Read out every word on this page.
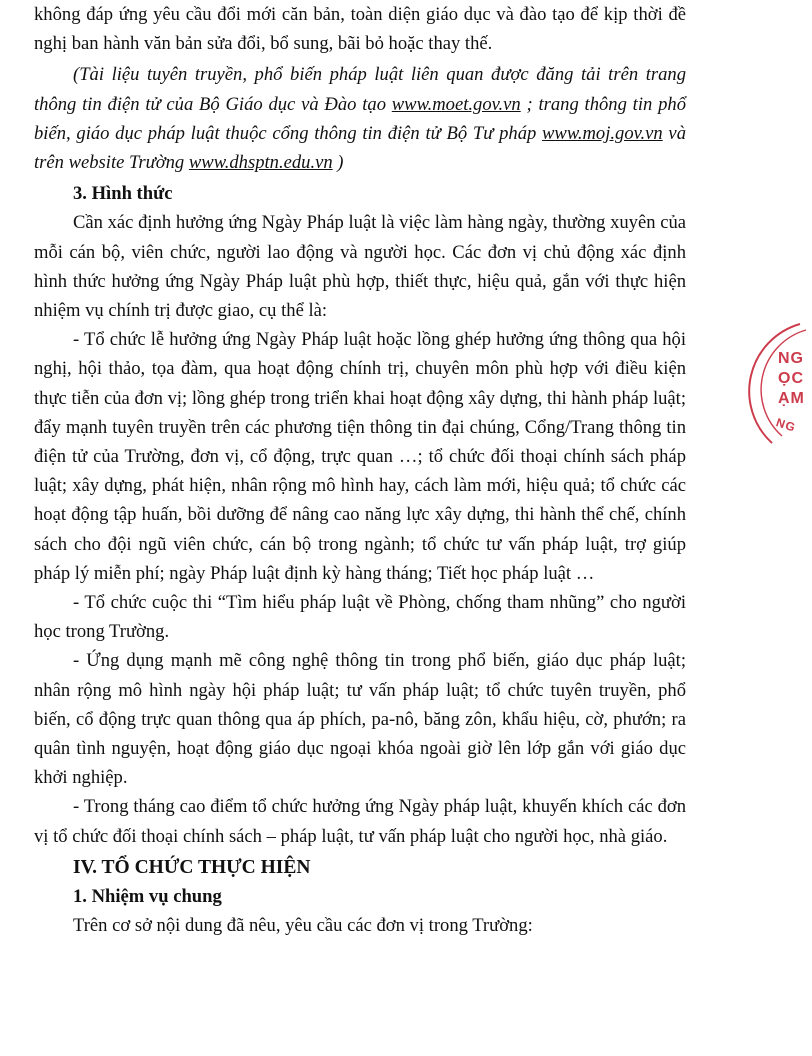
không đáp ứng yêu cầu đổi mới căn bản, toàn diện giáo dục và đào tạo để kịp thời đề nghị ban hành văn bản sửa đổi, bổ sung, bãi bỏ hoặc thay thế.

(Tài liệu tuyên truyền, phổ biến pháp luật liên quan được đăng tải trên trang thông tin điện tử của Bộ Giáo dục và Đào tạo www.moet.gov.vn ; trang thông tin phổ biến, giáo dục pháp luật thuộc cổng thông tin điện tử Bộ Tư pháp www.moj.gov.vn và trên website Trường www.dhsptn.edu.vn )

3. Hình thức

Cần xác định hưởng ứng Ngày Pháp luật là việc làm hàng ngày, thường xuyên của mỗi cán bộ, viên chức, người lao động và người học. Các đơn vị chủ động xác định hình thức hưởng ứng Ngày Pháp luật phù hợp, thiết thực, hiệu quả, gắn với thực hiện nhiệm vụ chính trị được giao, cụ thể là:

- Tổ chức lễ hưởng ứng Ngày Pháp luật hoặc lồng ghép hưởng ứng thông qua hội nghị, hội thảo, tọa đàm, qua hoạt động chính trị, chuyên môn phù hợp với điều kiện thực tiễn của đơn vị; lồng ghép trong triển khai hoạt động xây dựng, thi hành pháp luật; đẩy mạnh tuyên truyền trên các phương tiện thông tin đại chúng, Cổng/Trang thông tin điện tử của Trường, đơn vị, cổ động, trực quan …; tổ chức đối thoại chính sách pháp luật; xây dựng, phát hiện, nhân rộng mô hình hay, cách làm mới, hiệu quả; tổ chức các hoạt động tập huấn, bồi dưỡng để nâng cao năng lực xây dựng, thi hành thể chế, chính sách cho đội ngũ viên chức, cán bộ trong ngành; tổ chức tư vấn pháp luật, trợ giúp pháp lý miễn phí; ngày Pháp luật định kỳ hàng tháng; Tiết học pháp luật …

- Tổ chức cuộc thi “Tìm hiểu pháp luật về Phòng, chống tham nhũng” cho người học trong Trường.

- Ứng dụng mạnh mẽ công nghệ thông tin trong phổ biến, giáo dục pháp luật; nhân rộng mô hình ngày hội pháp luật; tư vấn pháp luật; tổ chức tuyên truyền, phổ biến, cổ động trực quan thông qua áp phích, pa-nô, băng zôn, khẩu hiệu, cờ, phướn; ra quân tình nguyện, hoạt động giáo dục ngoại khóa ngoài giờ lên lớp gắn với giáo dục khởi nghiệp.

- Trong tháng cao điểm tổ chức hưởng ứng Ngày pháp luật, khuyến khích các đơn vị tổ chức đối thoại chính sách – pháp luật, tư vấn pháp luật cho người học, nhà giáo.

IV. TỔ CHỨC THỰC HIỆN

1. Nhiệm vụ chung

Trên cơ sở nội dung đã nêu, yêu cầu các đơn vị trong Trường:

NG
ỌC
ẠM
NG
